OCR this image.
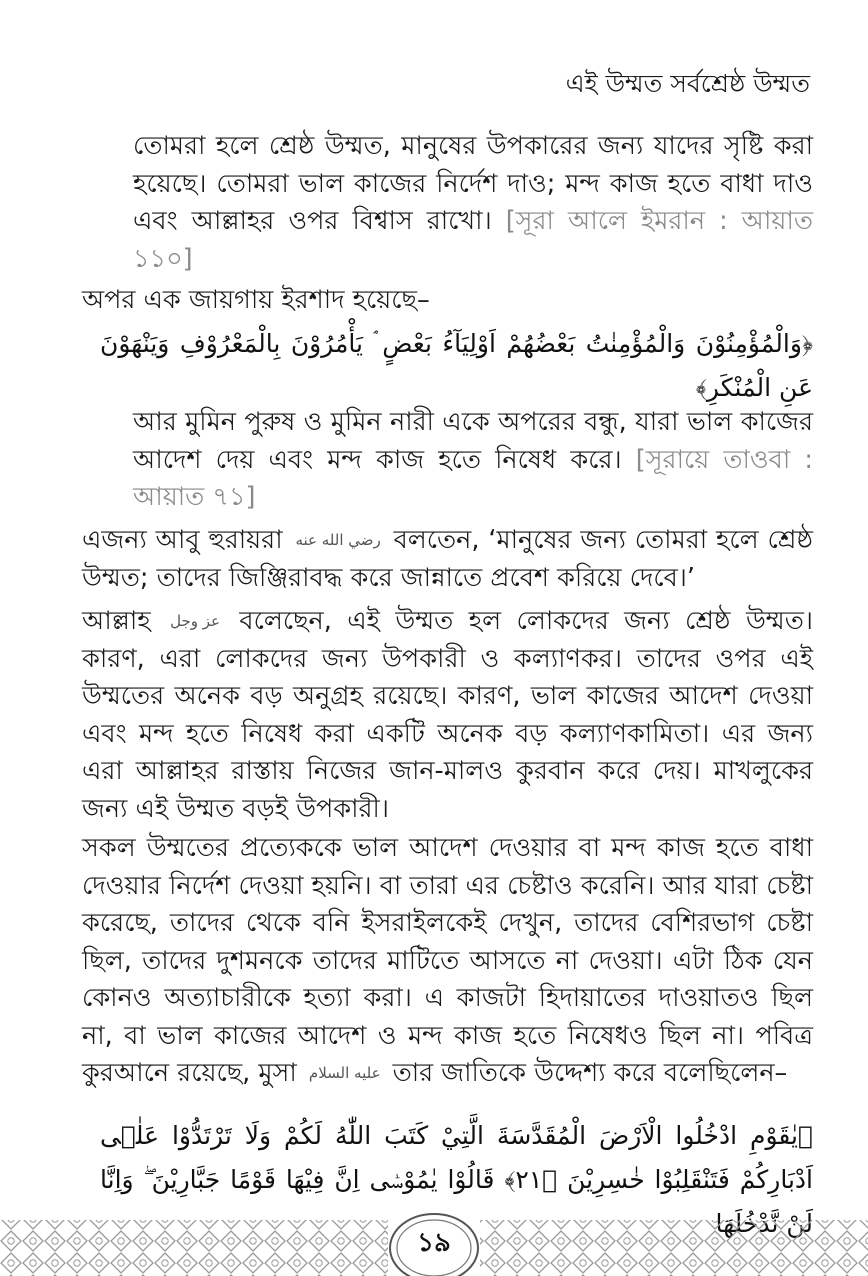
এই উম্মত সর্বশ্রেষ্ঠ উম্মত

তোমরা হলে শ্রেষ্ঠ উম্মত, মানুষের উপকারের জন্য যাদের সৃষ্টি করা হয়েছে। তোমরা ভাল কাজের নির্দেশ দাও; মন্দ কাজ হতে বাধা দাও এবং আল্লাহর ওপর বিশ্বাস রাখো। [সূরা আলে ইমরান : আয়াত ১১০]

অপর এক জায়গায় ইরশাদ হয়েছে–

﴿وَالْمُؤْمِنُوْنَ وَالْمُؤْمِنٰتُ بَعْضُهُمْ اَوْلِيَآءُ بَعْضٍ ۘ يَأْمُرُوْنَ بِالْمَعْرُوْفِ وَيَنْهَوْنَ عَنِ الْمُنْكَرِ﴾

আর মুমিন পুরুষ ও মুমিন নারী একে অপরের বন্ধু, যারা ভাল কাজের আদেশ দেয় এবং মন্দ কাজ হতে নিষেধ করে। [সূরায়ে তাওবা : আয়াত ৭১]

এজন্য আবু হুরায়রা رضي الله عنه বলতেন, ‘মানুষের জন্য তোমরা হলে শ্রেষ্ঠ উম্মত; তাদের জিঞ্জিরাবদ্ধ করে জান্নাতে প্রবেশ করিয়ে দেবে।’

আল্লাহ عز وجل বলেছেন, এই উম্মত হল লোকদের জন্য শ্রেষ্ঠ উম্মত। কারণ, এরা লোকদের জন্য উপকারী ও কল্যাণকর। তাদের ওপর এই উম্মতের অনেক বড় অনুগ্রহ রয়েছে। কারণ, ভাল কাজের আদেশ দেওয়া এবং মন্দ হতে নিষেধ করা একটি অনেক বড় কল্যাণকামিতা। এর জন্য এরা আল্লাহর রাস্তায় নিজের জান-মালও কুরবান করে দেয়। মাখলুকের জন্য এই উম্মত বড়ই উপকারী।

সকল উম্মতের প্রত্যেককে ভাল আদেশ দেওয়ার বা মন্দ কাজ হতে বাধা দেওয়ার নির্দেশ দেওয়া হয়নি। বা তারা এর চেষ্টাও করেনি। আর যারা চেষ্টা করেছে, তাদের থেকে বনি ইসরাইলকেই দেখুন, তাদের বেশিরভাগ চেষ্টা ছিল, তাদের দুশমনকে তাদের মাটিতে আসতে না দেওয়া। এটা ঠিক যেন কোনও অত্যাচারীকে হত্যা করা। এ কাজটা হিদায়াতের দাওয়াতও ছিল না, বা ভাল কাজের আদেশ ও মন্দ কাজ হতে নিষেধও ছিল না। পবিত্র কুরআনে রয়েছে, মুসা عليه السلام তার জাতিকে উদ্দেশ্য করে বলেছিলেন–

﴿يٰقَوْمِ ادْخُلُوا الْاَرْضَ الْمُقَدَّسَةَ الَّتِيْ كَتَبَ اللّٰهُ لَكُمْ وَلَا تَرْتَدُّوْا عَلٰۤى اَدْبَارِكُمْ فَتَنْقَلِبُوْا خٰسِرِيْنَ ﴿۲۱﴾ قَالُوْا يٰمُوْسٰۤى اِنَّ فِيْهَا قَوْمًا جَبَّارِيْنَ ۖ وَاِنَّا

১৯
